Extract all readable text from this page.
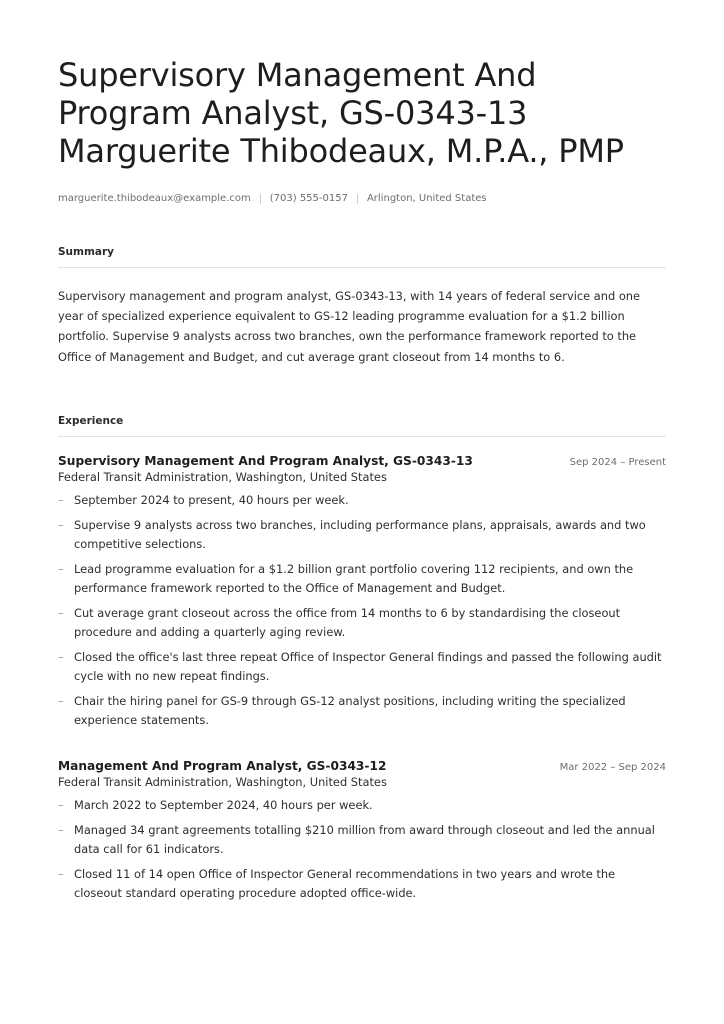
Supervisory Management And
Program Analyst, GS-0343-13
Marguerite Thibodeaux, M.P.A., PMP
marguerite.thibodeaux@example.com (703) 555-0157 Arlington, United States
Summary
Supervisory management and program analyst, GS-0343-13, with 14 years of federal service and one year of specialized experience equivalent to GS-12 leading programme evaluation for a $1.2 billion portfolio. Supervise 9 analysts across two branches, own the performance framework reported to the Office of Management and Budget, and cut average grant closeout from 14 months to 6.
Experience
Supervisory Management And Program Analyst, GS-0343-13	Sep 2024 – Present
Federal Transit Administration, Washington, United States
– September 2024 to present, 40 hours per week.
– Supervise 9 analysts across two branches, including performance plans, appraisals, awards and two competitive selections.
– Lead programme evaluation for a $1.2 billion grant portfolio covering 112 recipients, and own the performance framework reported to the Office of Management and Budget.
– Cut average grant closeout across the office from 14 months to 6 by standardising the closeout procedure and adding a quarterly aging review.
– Closed the office's last three repeat Office of Inspector General findings and passed the following audit cycle with no new repeat findings.
– Chair the hiring panel for GS-9 through GS-12 analyst positions, including writing the specialized experience statements.
Management And Program Analyst, GS-0343-12	Mar 2022 – Sep 2024
Federal Transit Administration, Washington, United States
– March 2022 to September 2024, 40 hours per week.
– Managed 34 grant agreements totalling $210 million from award through closeout and led the annual data call for 61 indicators.
– Closed 11 of 14 open Office of Inspector General recommendations in two years and wrote the closeout standard operating procedure adopted office-wide.
